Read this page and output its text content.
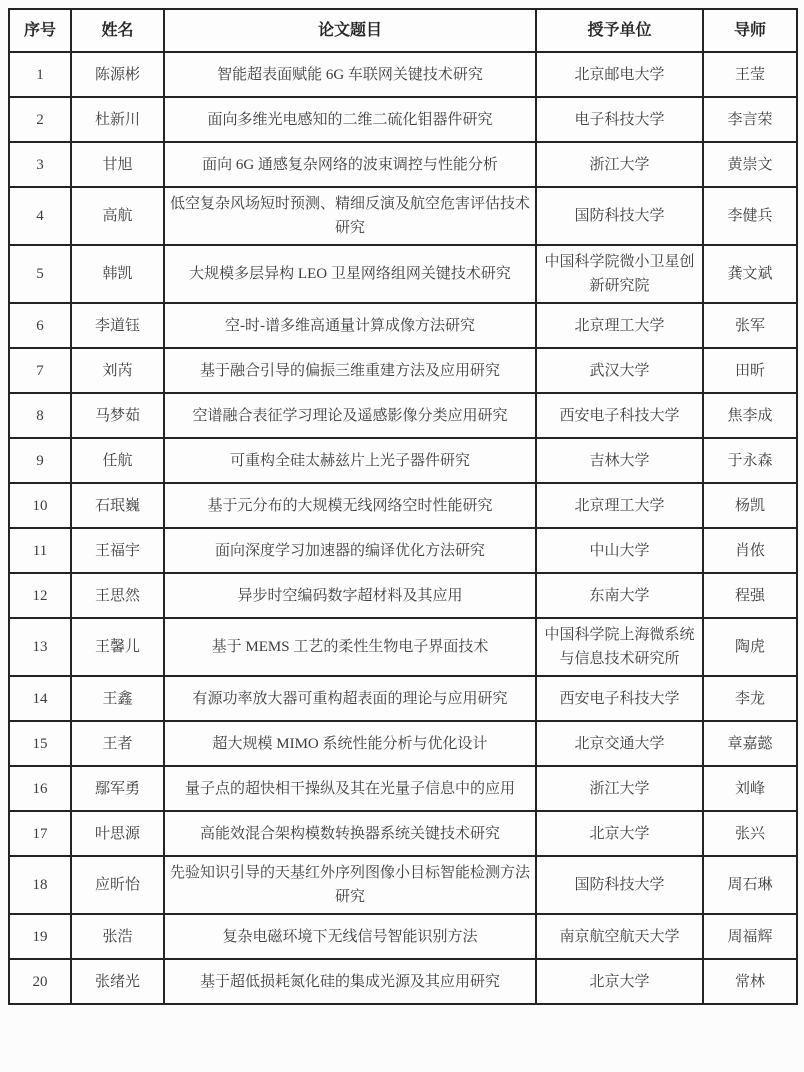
序号	姓名	论文题目	授予单位	导师
1	陈源彬	智能超表面赋能 6G 车联网关键技术研究	北京邮电大学	王莹
2	杜新川	面向多维光电感知的二维二硫化钼器件研究	电子科技大学	李言荣
3	甘旭	面向 6G 通感复杂网络的波束调控与性能分析	浙江大学	黄崇文
4	高航	低空复杂风场短时预测、精细反演及航空危害评估技术研究	国防科技大学	李健兵
5	韩凯	大规模多层异构 LEO 卫星网络组网关键技术研究	中国科学院微小卫星创新研究院	龚文斌
6	李道钰	空-时-谱多维高通量计算成像方法研究	北京理工大学	张军
7	刘芮	基于融合引导的偏振三维重建方法及应用研究	武汉大学	田昕
8	马梦茹	空谱融合表征学习理论及遥感影像分类应用研究	西安电子科技大学	焦李成
9	任航	可重构全硅太赫兹片上光子器件研究	吉林大学	于永森
10	石珉巍	基于元分布的大规模无线网络空时性能研究	北京理工大学	杨凯
11	王福宇	面向深度学习加速器的编译优化方法研究	中山大学	肖侬
12	王思然	异步时空编码数字超材料及其应用	东南大学	程强
13	王馨儿	基于 MEMS 工艺的柔性生物电子界面技术	中国科学院上海微系统与信息技术研究所	陶虎
14	王鑫	有源功率放大器可重构超表面的理论与应用研究	西安电子科技大学	李龙
15	王者	超大规模 MIMO 系统性能分析与优化设计	北京交通大学	章嘉懿
16	鄢军勇	量子点的超快相干操纵及其在光量子信息中的应用	浙江大学	刘峰
17	叶思源	高能效混合架构模数转换器系统关键技术研究	北京大学	张兴
18	应昕怡	先验知识引导的天基红外序列图像小目标智能检测方法研究	国防科技大学	周石琳
19	张浩	复杂电磁环境下无线信号智能识别方法	南京航空航天大学	周福辉
20	张绪光	基于超低损耗氮化硅的集成光源及其应用研究	北京大学	常林
